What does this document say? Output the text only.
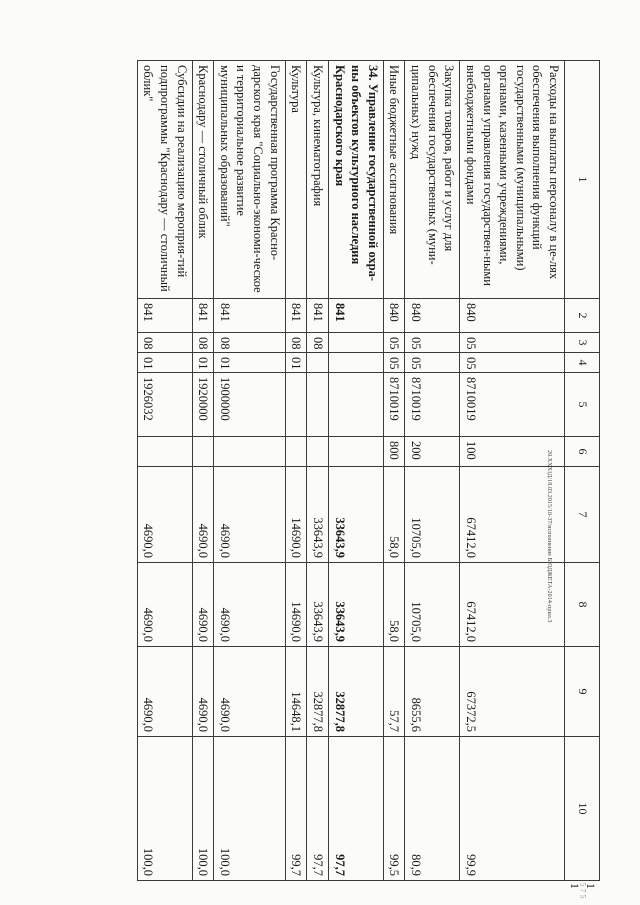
1	2	3	4	5	6	7	8	9	10	11
Расходы на выплаты персоналу в це-лях обеспечения выполнения функций государственными (муниципальными) органами, казенными учреждениями, органами управления государствен-ными внебюджетными фондами	840	05	05	8710019	100	67412,0	67412,0	67372,5	99,9	
Закупка товаров, работ и услуг для обеспечения государственных (муни-ципальных) нужд	840	05	05	8710019	200	10705,0	10705,0	8655,6	80,9	
Иные бюджетные ассигнования	840	05	05	8710019	800	58,0	58,0	57,7	99,5	
34. Управление государственной охра-ны объектов культурного наследия Краснодарского края	841					33643,9	33643,9	32877,8	97,7	
Культура, кинематография	841	08				33643,9	33643,9	32877,8	97,7	
Культура	841	08	01			14690,0	14690,0	14648,1	99,7	
Государственная программа Красно-дарского края "Социально-экономи-ческое и территориальное развитие муниципальных образований"	841	08	01	1900000		4690,0	4690,0	4690,0	100,0	
Краснодару — столичный облик	841	08	01	1920000		4690,0	4690,0	4690,0	100,0	
Субсидии на реализацию мероприя-тий подпрограммы "Краснодару — столичный облик"	841	08	01	1926032		4690,0	4690,0	4690,0	100,0	
20.XXXIД/18.03.2015/10-37/исполнение БЮДЖЕТА-2014-прил.3
5 7 5
